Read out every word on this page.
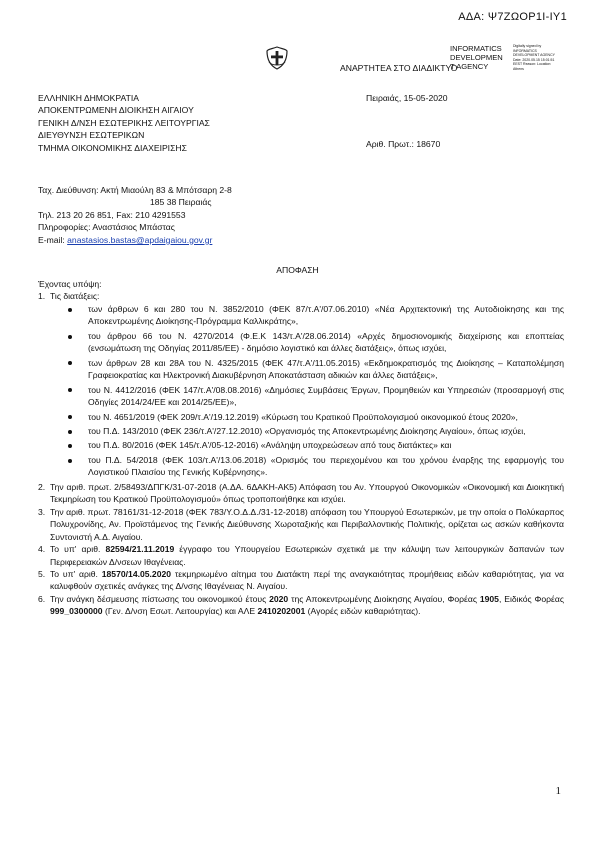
ΑΔΑ: Ψ7ΖΩΟΡ1Ι-ΙΥ1
INFORMATICS
DEVELOPMEN
T AGENCY
Digitally signed by INFORMATICS DEVELOPMENT AGENCY Date: 2020.05.15 15:01:51 EEST Reason: Location: Athens
ΑΝΑΡΤΗΤΕΑ ΣΤΟ ΔΙΑΔΙΚΤΥΟ
ΕΛΛΗΝΙΚΗ ΔΗΜΟΚΡΑΤΙΑ
ΑΠΟΚΕΝΤΡΩΜΕΝΗ ΔΙΟΙΚΗΣΗ ΑΙΓΑΙΟΥ
ΓΕΝΙΚΗ Δ/ΝΣΗ ΕΣΩΤΕΡΙΚΗΣ ΛΕΙΤΟΥΡΓΙΑΣ
ΔΙΕΥΘΥΝΣΗ ΕΣΩΤΕΡΙΚΩΝ
ΤΜΗΜΑ ΟΙΚΟΝΟΜΙΚΗΣ ΔΙΑΧΕΙΡΙΣΗΣ
Πειραιάς, 15-05-2020
Αριθ. Πρωτ.: 18670
Ταχ. Διεύθυνση: Ακτή Μιαούλη 83 & Μπότσαρη 2-8
185 38 Πειραιάς
Τηλ. 213 20 26 851, Fax: 210 4291553
Πληροφορίες: Αναστάσιος Μπάστας
E-mail: anastasios.bastas@apdaigaiou.gov.gr
ΑΠΟΦΑΣΗ
Έχοντας υπόψη:
1. Τις διατάξεις:
των άρθρων 6 και 280 του Ν. 3852/2010 (ΦΕΚ 87/τ.Α'/07.06.2010) «Νέα Αρχιτεκτονική της Αυτοδιοίκησης και της Αποκεντρωμένης Διοίκησης-Πρόγραμμα Καλλικράτης»,
του άρθρου 66 του Ν. 4270/2014 (Φ.Ε.Κ 143/τ.Α'/28.06.2014) «Αρχές δημοσιονομικής διαχείρισης και εποπτείας (ενσωμάτωση της Οδηγίας 2011/85/ΕΕ) - δημόσιο λογιστικό και άλλες διατάξεις», όπως ισχύει,
των άρθρων 28 και 28Α του Ν. 4325/2015 (ΦΕΚ 47/τ.Α'/11.05.2015) «Εκδημοκρατισμός της Διοίκησης – Καταπολέμηση Γραφειοκρατίας και Ηλεκτρονική Διακυβέρνηση Αποκατάσταση αδικιών και άλλες διατάξεις»,
του Ν. 4412/2016 (ΦΕΚ 147/τ.Α'/08.08.2016) «Δημόσιες Συμβάσεις Έργων, Προμηθειών και Υπηρεσιών (προσαρμογή στις Οδηγίες 2014/24/ΕΕ και 2014/25/ΕΕ)»,
του Ν. 4651/2019 (ΦΕΚ 209/τ.Α'/19.12.2019) «Κύρωση του Κρατικού Προϋπολογισμού οικονομικού έτους 2020»,
του Π.Δ. 143/2010 (ΦΕΚ 236/τ.Α'/27.12.2010) «Οργανισμός της Αποκεντρωμένης Διοίκησης Αιγαίου», όπως ισχύει,
του Π.Δ. 80/2016 (ΦΕΚ 145/τ.Α'/05-12-2016) «Ανάληψη υποχρεώσεων από τους διατάκτες» και
του Π.Δ. 54/2018 (ΦΕΚ 103/τ.Α'/13.06.2018) «Ορισμός του περιεχομένου και του χρόνου έναρξης της εφαρμογής του Λογιστικού Πλαισίου της Γενικής Κυβέρνησης».
2. Την αριθ. πρωτ. 2/58493/ΔΠΓΚ/31-07-2018 (Α.ΔΑ. 6ΔΑΚΗ-ΑΚ5) Απόφαση του Αν. Υπουργού Οικονομικών «Οικονομική και Διοικητική Τεκμηρίωση του Κρατικού Προϋπολογισμού» όπως τροποποιήθηκε και ισχύει.
3. Την αριθ. πρωτ. 78161/31-12-2018 (ΦΕΚ 783/Υ.Ο.Δ.Δ./31-12-2018) απόφαση του Υπουργού Εσωτερικών, με την οποία ο Πολύκαρπος Πολυχρονίδης, Αν. Προϊστάμενος της Γενικής Διεύθυνσης Χωροταξικής και Περιβαλλοντικής Πολιτικής, ορίζεται ως ασκών καθήκοντα Συντονιστή Α.Δ. Αιγαίου.
4. Το υπ' αριθ. 82594/21.11.2019 έγγραφο του Υπουργείου Εσωτερικών σχετικά με την κάλυψη των λειτουργικών δαπανών των Περιφερειακών Δ/νσεων Ιθαγένειας.
5. Το υπ' αριθ. 18570/14.05.2020 τεκμηριωμένο αίτημα του Διατάκτη περί της αναγκαιότητας προμήθειας ειδών καθαριότητας, για να καλυφθούν σχετικές ανάγκες της Δ/νσης Ιθαγένειας Ν. Αιγαίου.
6. Την ανάγκη δέσμευσης πίστωσης του οικονομικού έτους 2020 της Αποκεντρωμένης Διοίκησης Αιγαίου, Φορέας 1905, Ειδικός Φορέας 999_0300000 (Γεν. Δ/νση Εσωτ. Λειτουργίας) και ΑΛΕ 2410202001 (Αγορές ειδών καθαριότητας).
1
